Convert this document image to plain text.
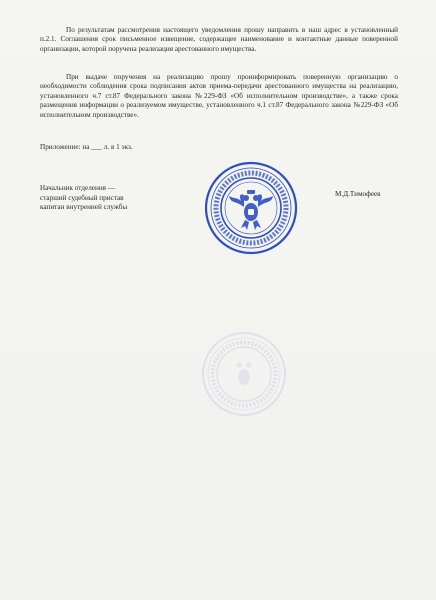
По результатам рассмотрения настоящего уведомления прошу направить в наш адрес в установленный п.2.1. Соглашения срок письменное извещение, содержащее наименование и контактные данные поверенной организации, которой поручена реализация арестованного имущества.

При выдаче поручения на реализацию прошу проинформировать поверенную организацию о необходимости соблюдения срока подписания актов приема-передачи арестованного имущества на реализацию, установленного ч.7 ст.87 Федерального закона №229-ФЗ «Об исполнительном производстве», а также срока размещения информации о реализуемом имуществе, установленного ч.1 ст.87 Федерального закона №229-ФЗ «Об исполнительном производстве».

Приложение: на ___ л. в 1 экз.

Начальник отделения —
старший судебный пристав
капитан внутренней службы
М.Д.Тимофеев
